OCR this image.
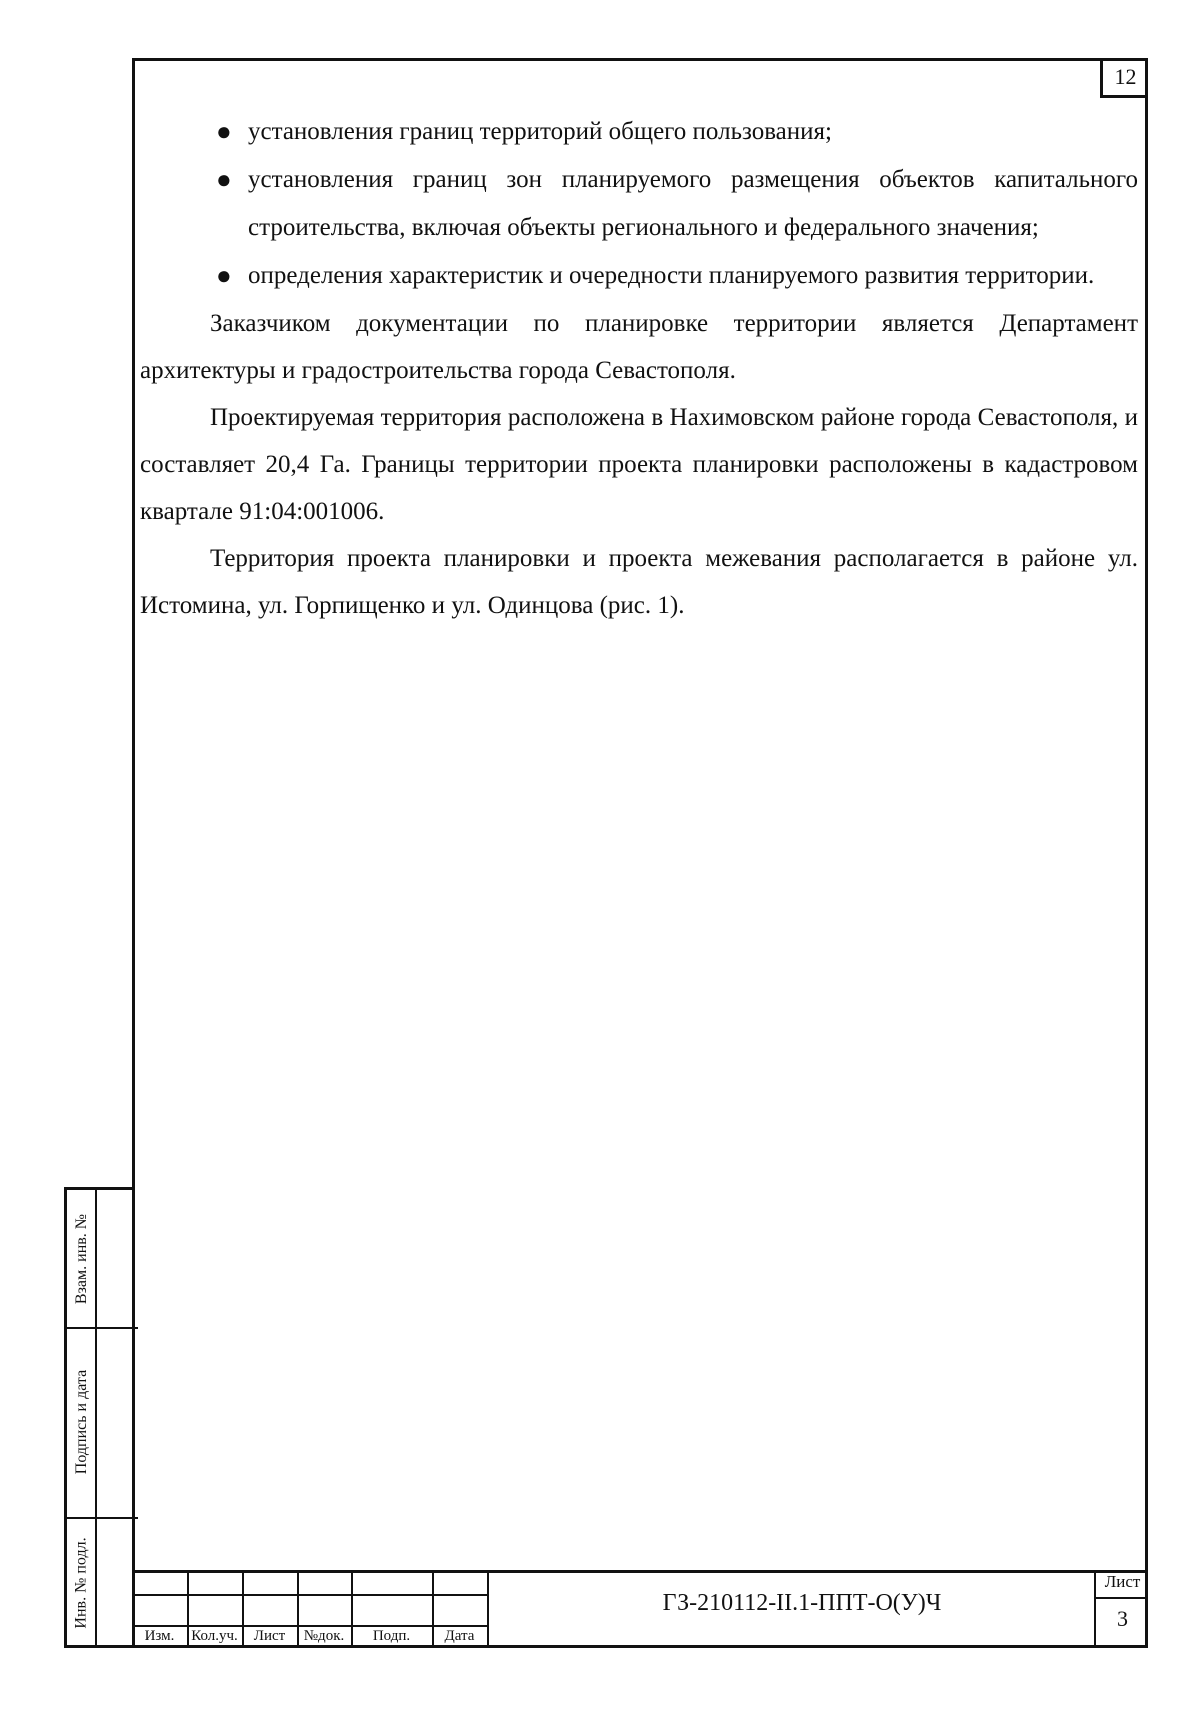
12
● установления границ территорий общего пользования;
● установления границ зон планируемого размещения объектов капитального строительства, включая объекты регионального и федерального значения;
● определения характеристик и очередности планируемого развития территории.

Заказчиком документации по планировке территории является Департамент архитектуры и градостроительства города Севастополя.

Проектируемая территория расположена в Нахимовском районе города Севастополя, и составляет 20,4 Га. Границы территории проекта планировки расположены в кадастровом квартале 91:04:001006.

Территория проекта планировки и проекта межевания располагается в районе ул. Истомина, ул. Горпищенко и ул. Одинцова (рис. 1).

Взам. инв. №
Подпись и дата
Инв. № подл.
Изм.	Кол.уч.	Лист	№док.	Подп.	Дата
ГЗ-210112-II.1-ППТ-О(У)Ч
Лист
3
